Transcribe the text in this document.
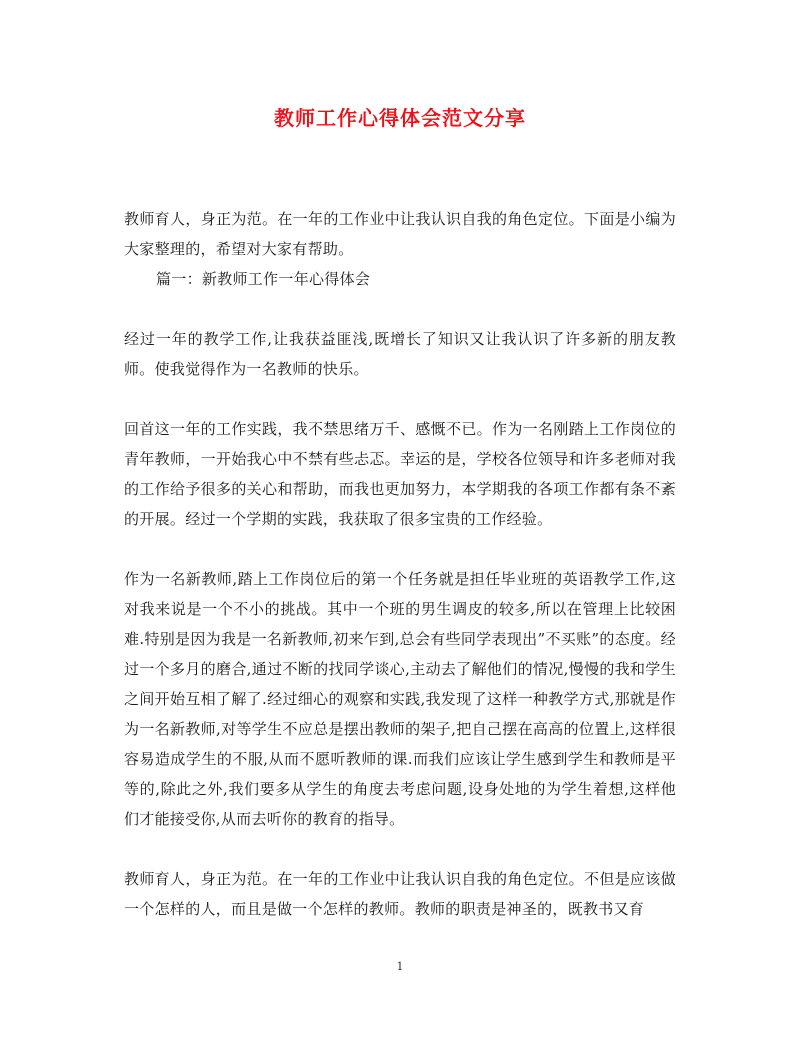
教师工作心得体会范文分享

教师育人，身正为范。在一年的工作业中让我认识自我的角色定位。下面是小编为大家整理的，希望对大家有帮助。

篇一：新教师工作一年心得体会

经过一年的教学工作,让我获益匪浅,既增长了知识又让我认识了许多新的朋友教师。使我觉得作为一名教师的快乐。

回首这一年的工作实践，我不禁思绪万千、感慨不已。作为一名刚踏上工作岗位的青年教师，一开始我心中不禁有些忐忑。幸运的是，学校各位领导和许多老师对我的工作给予很多的关心和帮助，而我也更加努力，本学期我的各项工作都有条不紊的开展。经过一个学期的实践，我获取了很多宝贵的工作经验。

作为一名新教师,踏上工作岗位后的第一个任务就是担任毕业班的英语教学工作,这对我来说是一个不小的挑战。其中一个班的男生调皮的较多,所以在管理上比较困难.特别是因为我是一名新教师,初来乍到,总会有些同学表现出”不买账”的态度。经过一个多月的磨合,通过不断的找同学谈心,主动去了解他们的情况,慢慢的我和学生之间开始互相了解了.经过细心的观察和实践,我发现了这样一种教学方式,那就是作为一名新教师,对等学生不应总是摆出教师的架子,把自己摆在高高的位置上,这样很容易造成学生的不服,从而不愿听教师的课.而我们应该让学生感到学生和教师是平等的,除此之外,我们要多从学生的角度去考虑问题,设身处地的为学生着想,这样他们才能接受你,从而去听你的教育的指导。

教师育人，身正为范。在一年的工作业中让我认识自我的角色定位。不但是应该做一个怎样的人，而且是做一个怎样的教师。教师的职责是神圣的，既教书又育

1
